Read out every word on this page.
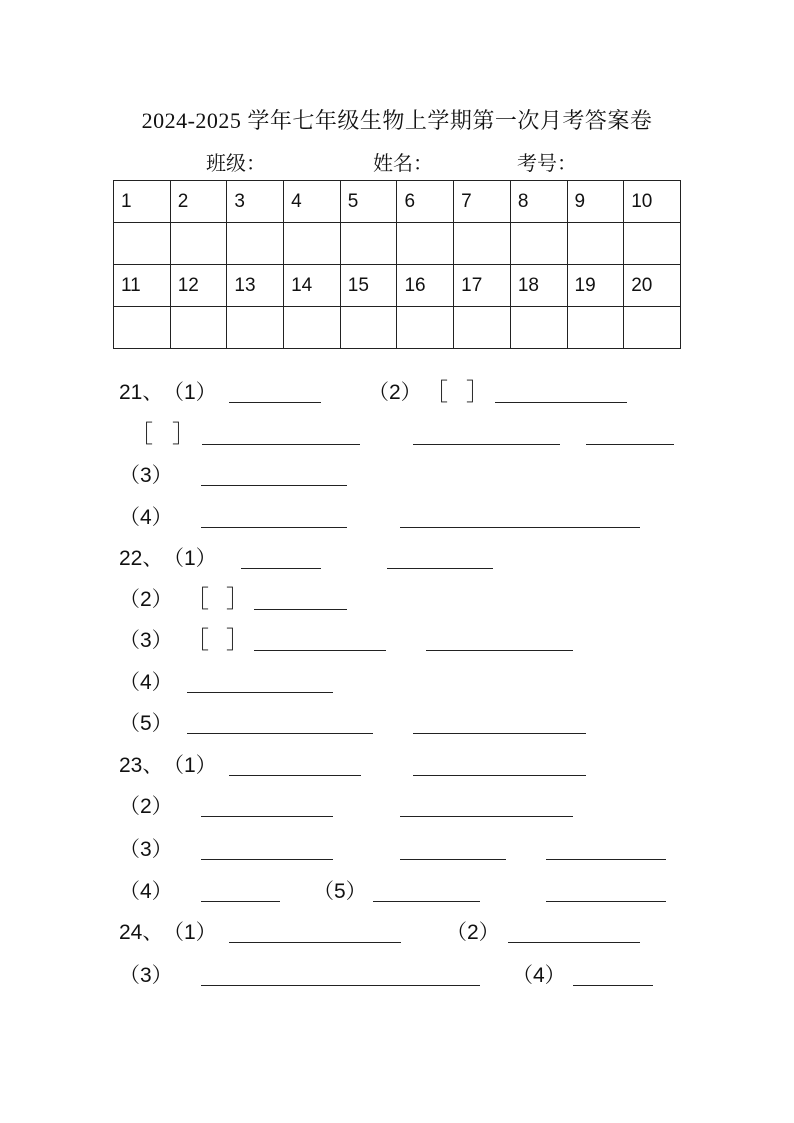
2024-2025 学年七年级生物上学期第一次月考答案卷
班级：	姓名：	考号：
1	2	3	4	5	6	7	8	9	10

11	12	13	14	15	16	17	18	19	20

21、 （1）	（2） ［ ］
［ ］
（3）
（4）
22、 （1）
（2） ［ ］
（3） ［ ］
（4）
（5）
23、 （1）
（2）
（3）
（4）	（5）
24、 （1）	（2）
（3）	（4）
